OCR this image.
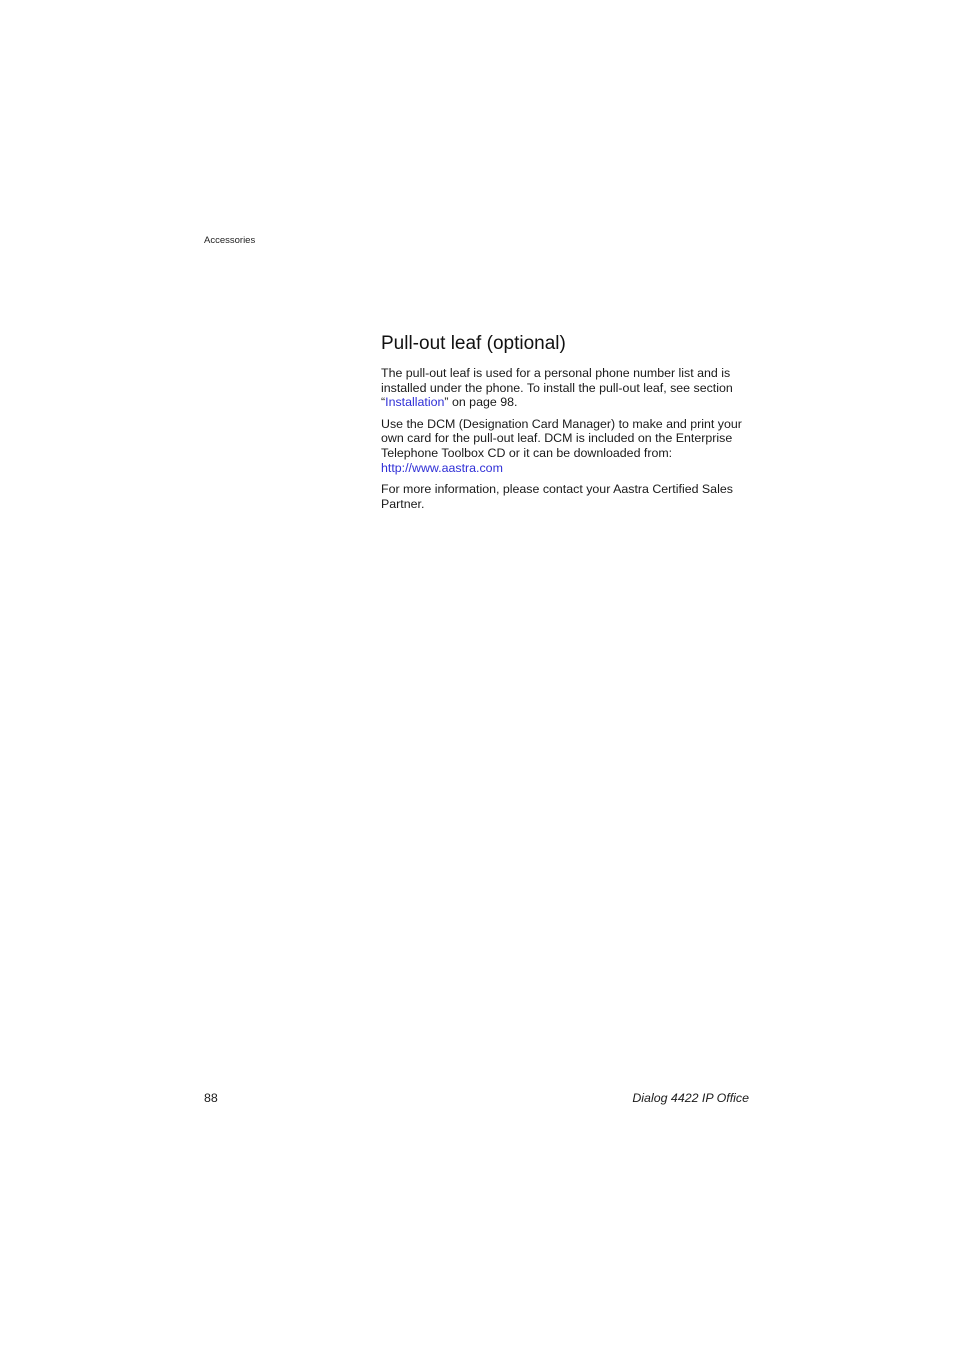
Accessories
Pull-out leaf (optional)

The pull-out leaf is used for a personal phone number list and is installed under the phone. To install the pull-out leaf, see section “Installation” on page 98.

Use the DCM (Designation Card Manager) to make and print your own card for the pull-out leaf. DCM is included on the Enterprise Telephone Toolbox CD or it can be downloaded from:
http://www.aastra.com

For more information, please contact your Aastra Certified Sales Partner.

88	Dialog 4422 IP Office
